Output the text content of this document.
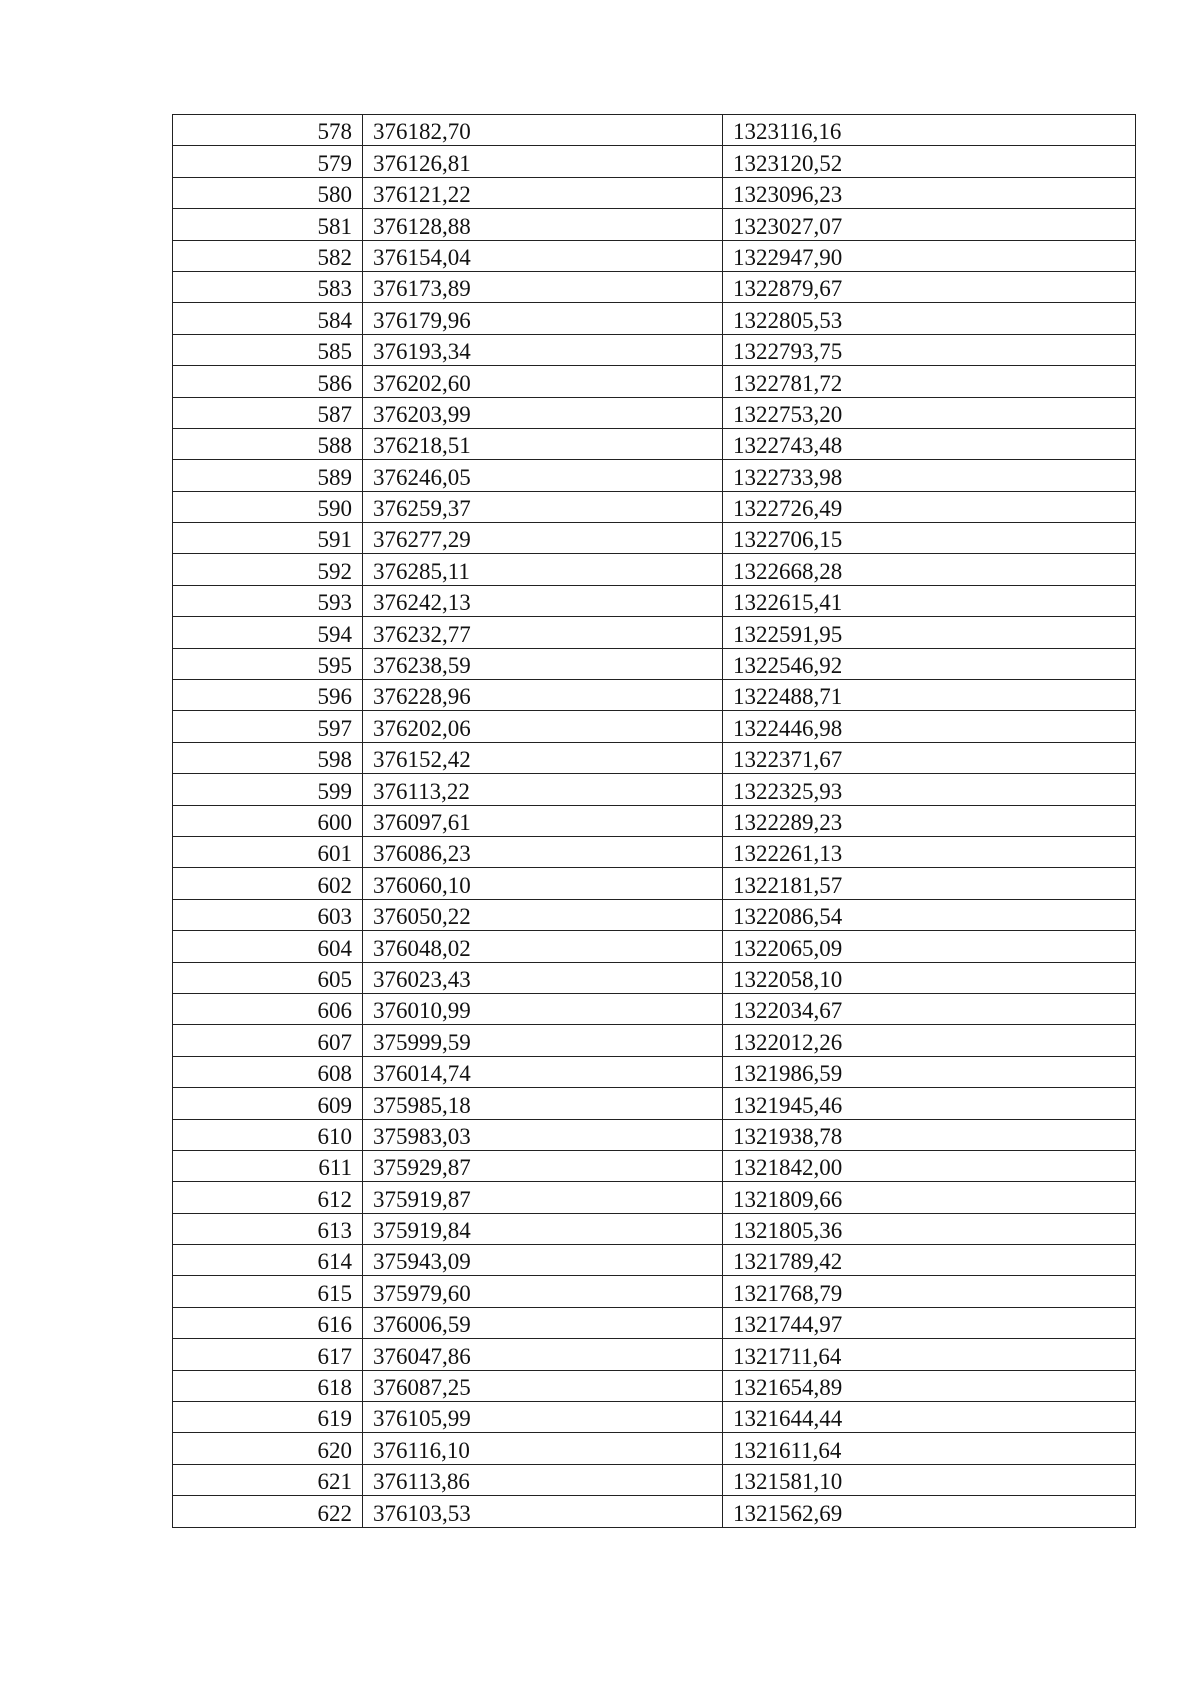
578	376182,70	1323116,16
579	376126,81	1323120,52
580	376121,22	1323096,23
581	376128,88	1323027,07
582	376154,04	1322947,90
583	376173,89	1322879,67
584	376179,96	1322805,53
585	376193,34	1322793,75
586	376202,60	1322781,72
587	376203,99	1322753,20
588	376218,51	1322743,48
589	376246,05	1322733,98
590	376259,37	1322726,49
591	376277,29	1322706,15
592	376285,11	1322668,28
593	376242,13	1322615,41
594	376232,77	1322591,95
595	376238,59	1322546,92
596	376228,96	1322488,71
597	376202,06	1322446,98
598	376152,42	1322371,67
599	376113,22	1322325,93
600	376097,61	1322289,23
601	376086,23	1322261,13
602	376060,10	1322181,57
603	376050,22	1322086,54
604	376048,02	1322065,09
605	376023,43	1322058,10
606	376010,99	1322034,67
607	375999,59	1322012,26
608	376014,74	1321986,59
609	375985,18	1321945,46
610	375983,03	1321938,78
611	375929,87	1321842,00
612	375919,87	1321809,66
613	375919,84	1321805,36
614	375943,09	1321789,42
615	375979,60	1321768,79
616	376006,59	1321744,97
617	376047,86	1321711,64
618	376087,25	1321654,89
619	376105,99	1321644,44
620	376116,10	1321611,64
621	376113,86	1321581,10
622	376103,53	1321562,69
